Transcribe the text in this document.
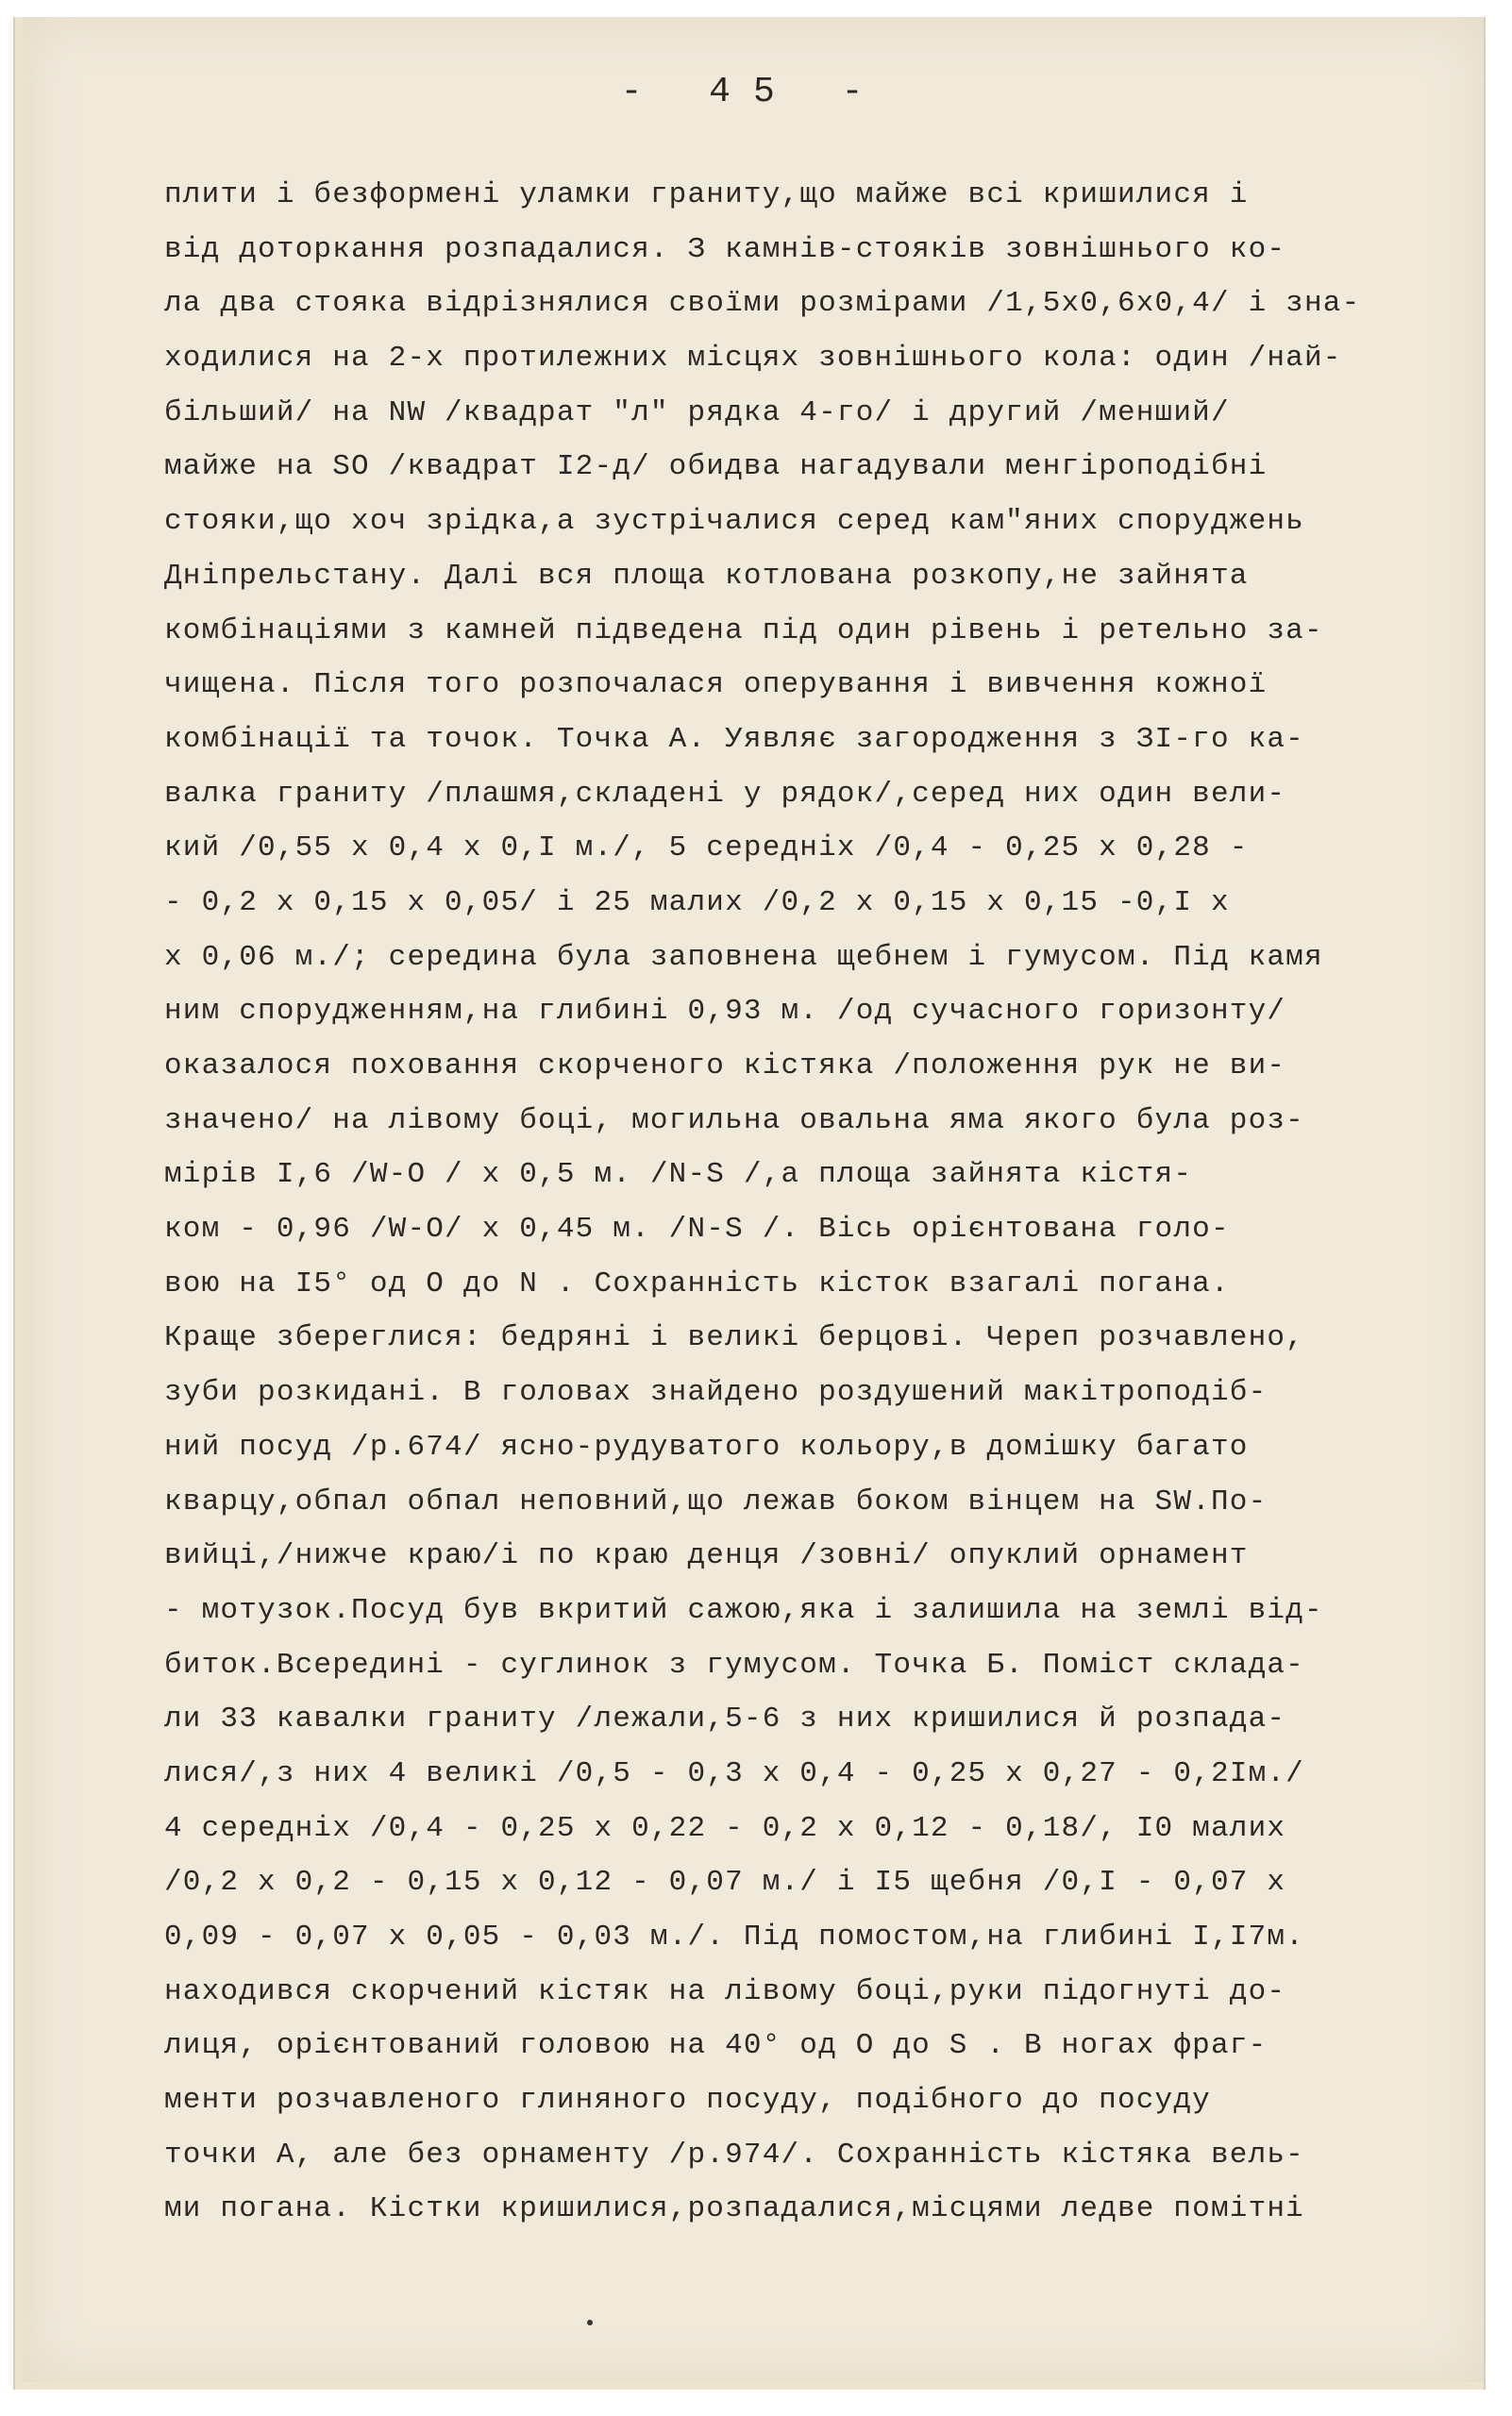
- 45 -
плити і безформені уламки граниту,що майже всі кришилися і
від доторкання розпадалися. З камнів-стояків зовнішнього ко-
ла два стояка відрізнялися своїми розмірами /1,5х0,6х0,4/ і зна-
ходилися на 2-х протилежних місцях зовнішнього кола: один /най-
більший/ на NW /квадрат "л" рядка 4-го/ і другий /менший/
майже на SO /квадрат І2-д/ обидва нагадували менгіроподібні
стояки,що хоч зрідка,а зустрічалися серед кам"яних споруджень
Дніпрельстану. Далі вся площа котлована розкопу,не зайнята
комбінаціями з камней підведена під один рівень і ретельно за-
чищена. Після того розпочалася оперування і вивчення кожної
комбінації та точок. Точка А. Уявляє загородження з ЗІ-го ка-
валка граниту /плашмя,складені у рядок/,серед них один вели-
кий /0,55 х 0,4 х 0,І м./, 5 середніх /0,4 - 0,25 х 0,28 -
- 0,2 х 0,15 х 0,05/ і 25 малих /0,2 х 0,15 х 0,15 -0,І х
х 0,06 м./; середина була заповнена щебнем і гумусом. Під камя
ним спорудженням,на глибині 0,93 м. /од сучасного горизонту/
оказалося поховання скорченого кістяка /положення рук не ви-
значено/ на лівому боці, могильна овальна яма якого була роз-
мірів І,6 /W-O / х 0,5 м. /N-S /,а площа зайнята кістя-
ком - 0,96 /W-O/ х 0,45 м. /N-S /. Вісь орієнтована голо-
вою на І5° од O до N . Сохранність кісток взагалі погана.
Краще збереглися: бедряні і великі берцові. Череп розчавлено,
зуби розкидані. В головах знайдено роздушений макітроподіб-
ний посуд /р.674/ ясно-рудуватого кольору,в домішку багато
кварцу,обпал обпал неповний,що лежав боком вінцем на SW.По-
вийці,/нижче краю/і по краю денця /зовні/ опуклий орнамент
- мотузок.Посуд був вкритий сажою,яка і залишила на землі від-
биток.Всередині - суглинок з гумусом. Точка Б. Поміст склада-
ли 33 кавалки граниту /лежали,5-6 з них кришилися й розпада-
лися/,з них 4 великі /0,5 - 0,3 х 0,4 - 0,25 х 0,27 - 0,2Ім./
4 середніх /0,4 - 0,25 х 0,22 - 0,2 х 0,12 - 0,18/, І0 малих
/0,2 х 0,2 - 0,15 х 0,12 - 0,07 м./ і І5 щебня /0,І - 0,07 х
0,09 - 0,07 х 0,05 - 0,03 м./. Під помостом,на глибині І,І7м.
находився скорчений кістяк на лівому боці,руки підогнуті до-
лиця, орієнтований головою на 40° од O до S . В ногах фраг-
менти розчавленого глиняного посуду, подібного до посуду
точки А, але без орнаменту /р.974/. Сохранність кістяка вель-
ми погана. Кістки кришилися,розпадалися,місцями ледве помітні
